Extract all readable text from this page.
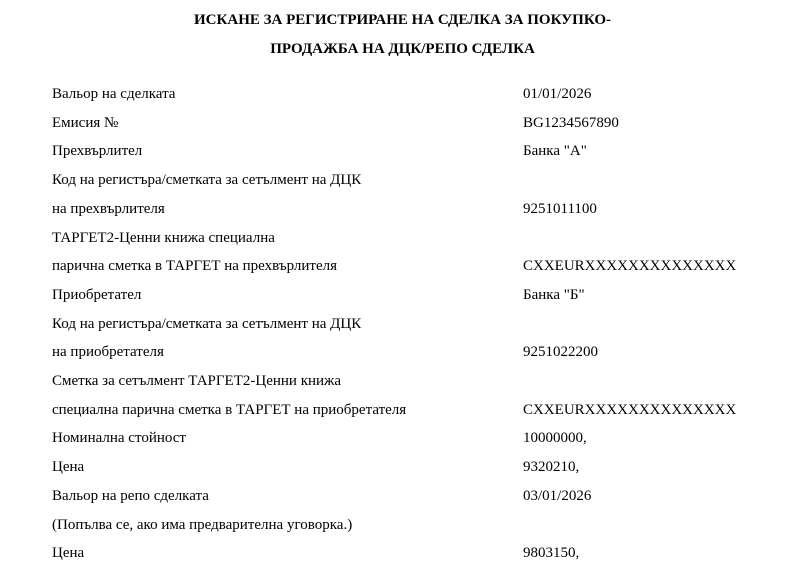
ИСКАНЕ ЗА РЕГИСТРИРАНЕ НА СДЕЛКА ЗА ПОКУПКО-
ПРОДАЖБА НА ДЦК/РЕПО СДЕЛКА
Вальор на сделката	01/01/2026
Емисия №	BG1234567890
Прехвърлител	Банка "А"
Код на регистъра/сметката за сетълмент на ДЦК
на прехвърлителя	9251011100
ТАРГЕТ2-Ценни книжа специална
парична сметка в ТАРГЕТ на прехвърлителя	CXXEURXXXXXXXXXXXXXX
Приобретател	Банка "Б"
Код на регистъра/сметката за сетълмент на ДЦК
на приобретателя	9251022200
Сметка за сетълмент ТАРГЕТ2-Ценни книжа
специална парична сметка в ТАРГЕТ на приобретателя	CXXEURXXXXXXXXXXXXXX
Номинална стойност	10000000,
Цена	9320210,
Вальор на репо сделката	03/01/2026
(Попълва се, ако има предварителна уговорка.)
Цена	9803150,
